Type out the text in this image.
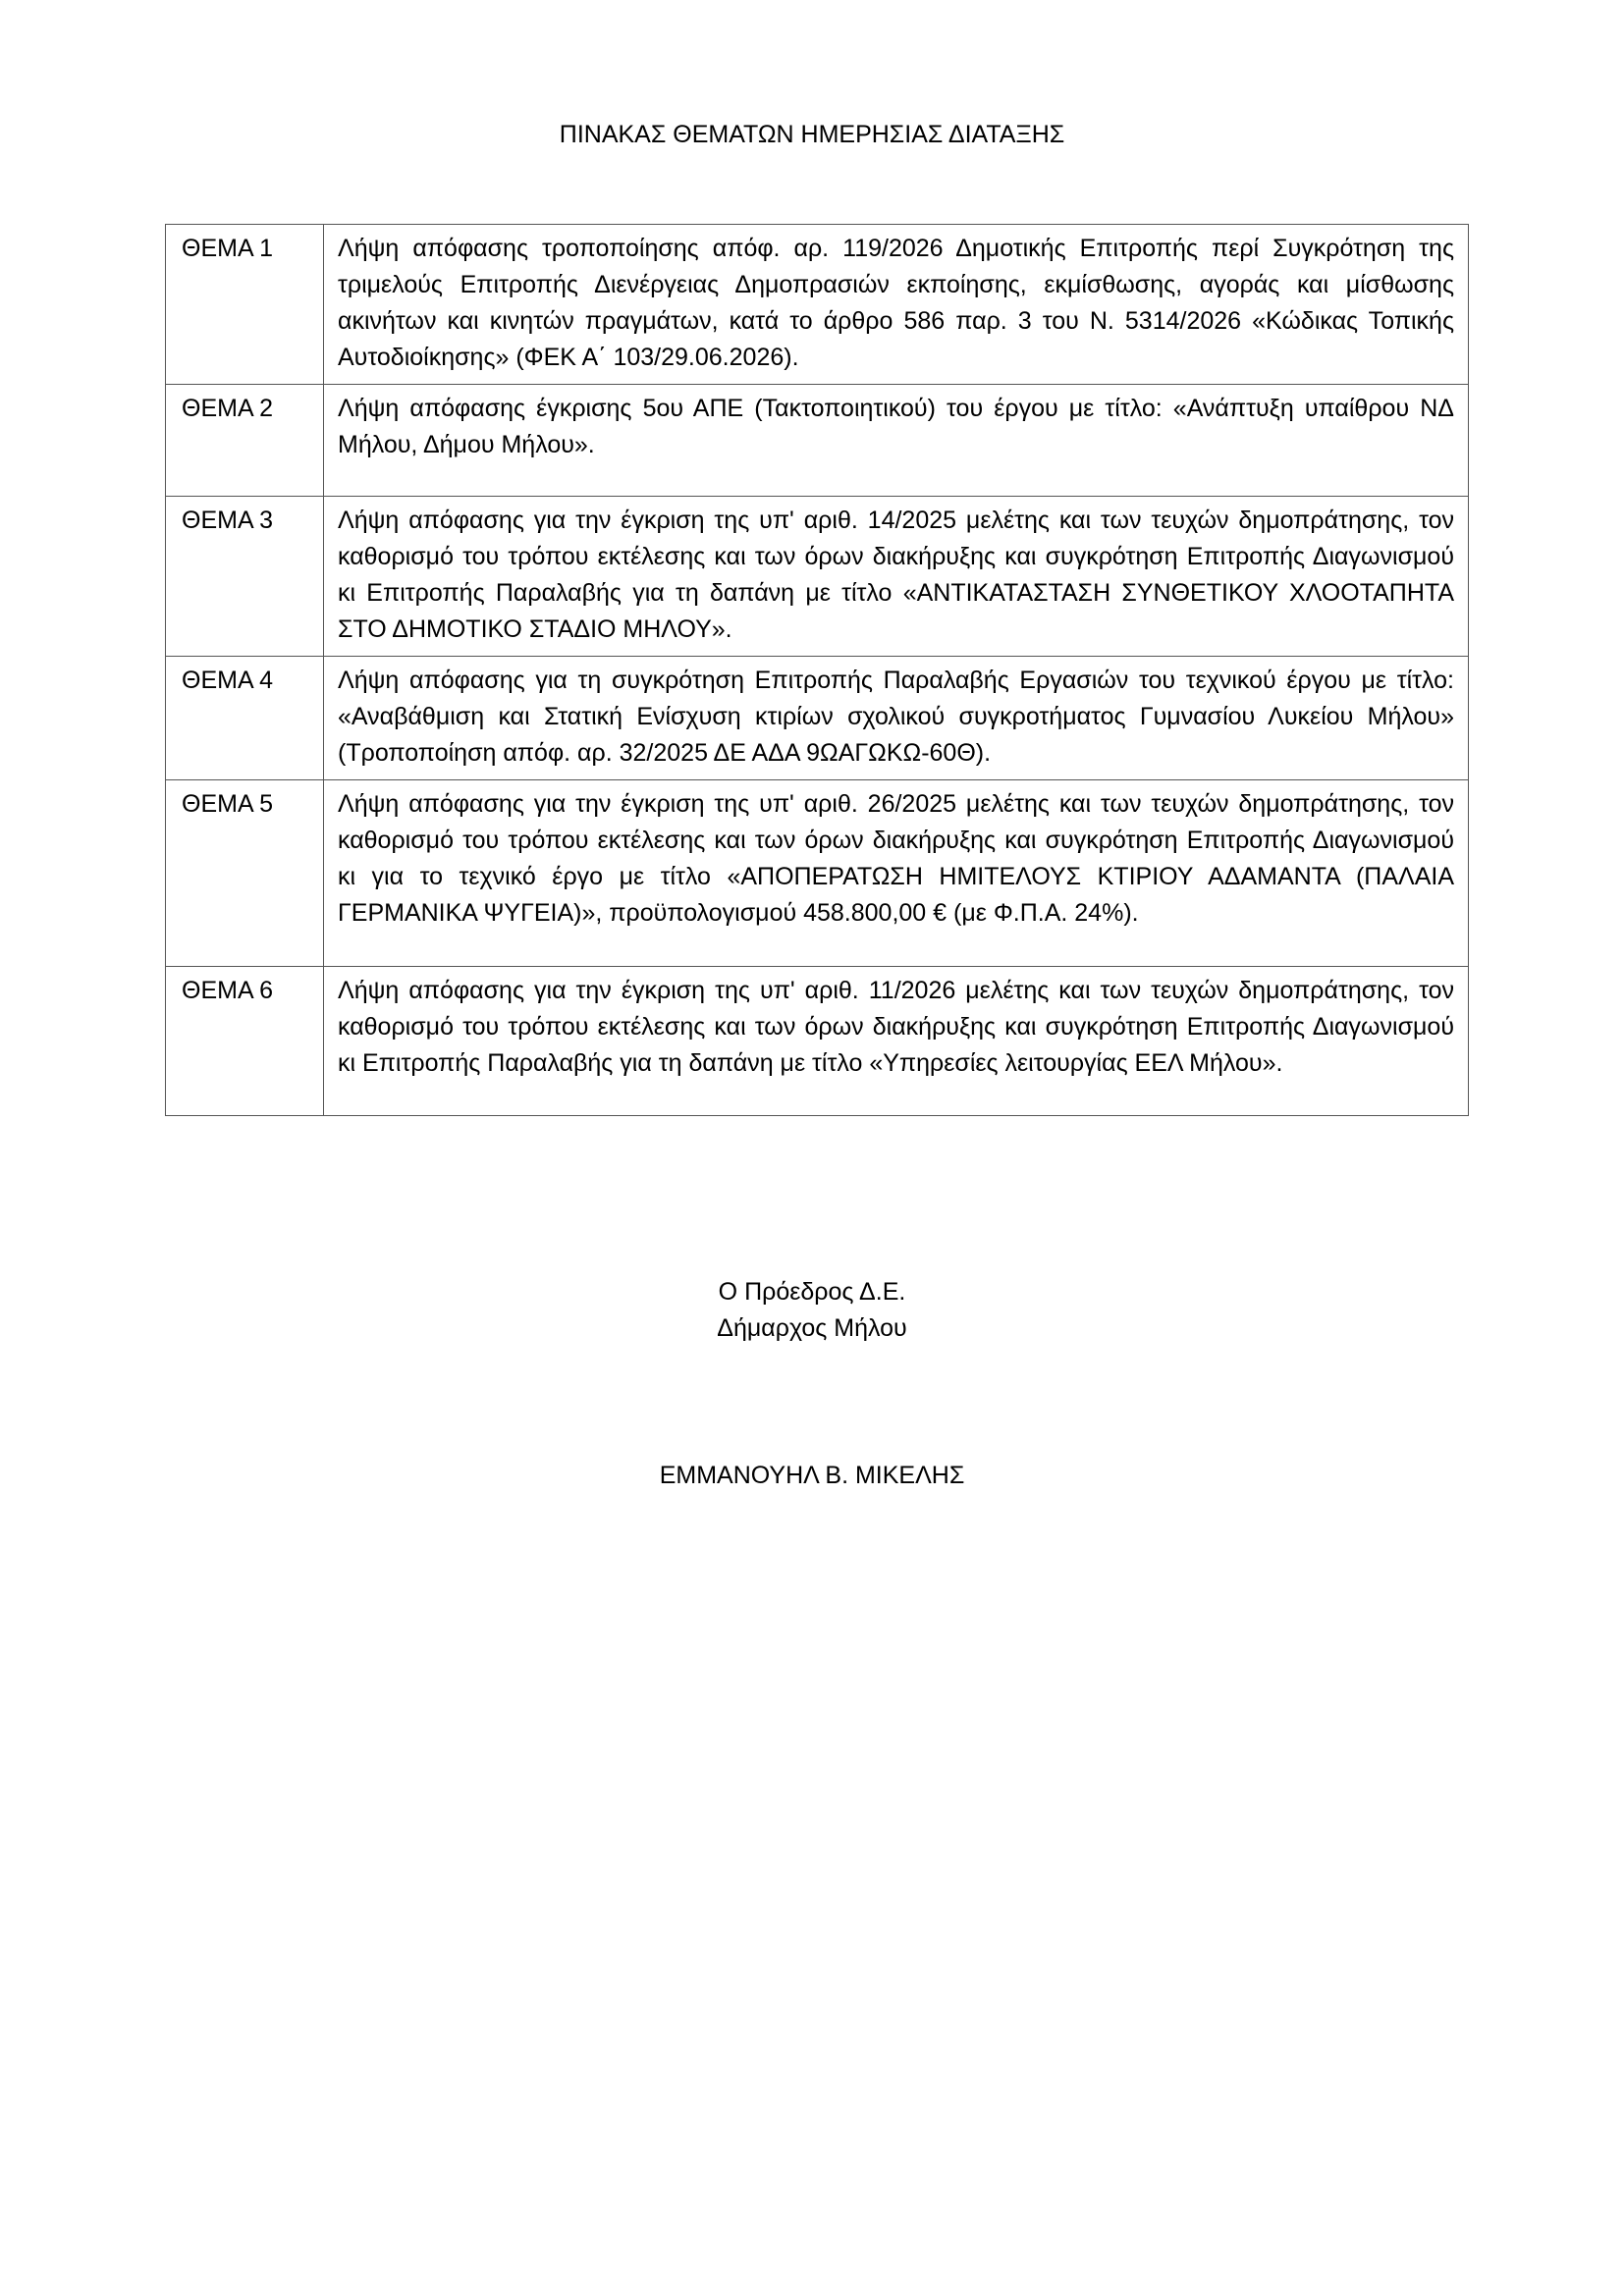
ΠΙΝΑΚΑΣ ΘΕΜΑΤΩΝ ΗΜΕΡΗΣΙΑΣ ΔΙΑΤΑΞΗΣ
ΘΕΜΑ 1	Λήψη απόφασης τροποποίησης απόφ. αρ. 119/2026 Δημοτικής Επιτροπής περί Συγκρότηση της τριμελούς Επιτροπής Διενέργειας Δημοπρασιών εκποίησης, εκμίσθωσης, αγοράς και μίσθωσης ακινήτων και κινητών πραγμάτων, κατά το άρθρο 586 παρ. 3 του Ν. 5314/2026 «Κώδικας Τοπικής Αυτοδιοίκησης» (ΦΕΚ Α΄ 103/29.06.2026).
ΘΕΜΑ 2	Λήψη απόφασης έγκρισης 5ου ΑΠΕ (Τακτοποιητικού) του έργου με τίτλο: «Ανάπτυξη υπαίθρου ΝΔ Μήλου, Δήμου Μήλου».
ΘΕΜΑ 3	Λήψη απόφασης για την έγκριση της υπ' αριθ. 14/2025 μελέτης και των τευχών δημοπράτησης, τον καθορισμό του τρόπου εκτέλεσης και των όρων διακήρυξης και συγκρότηση Επιτροπής Διαγωνισμού κι Επιτροπής Παραλαβής για τη δαπάνη με τίτλο «ΑΝΤΙΚΑΤΑΣΤΑΣΗ ΣΥΝΘΕΤΙΚΟΥ ΧΛΟΟΤΑΠΗΤΑ ΣΤΟ ΔΗΜΟΤΙΚΟ ΣΤΑΔΙΟ ΜΗΛΟΥ».
ΘΕΜΑ 4	Λήψη απόφασης για τη συγκρότηση Επιτροπής Παραλαβής Εργασιών του τεχνικού έργου με τίτλο: «Αναβάθμιση και Στατική Ενίσχυση κτιρίων σχολικού συγκροτήματος Γυμνασίου Λυκείου Μήλου» (Τροποποίηση απόφ. αρ. 32/2025 ΔΕ ΑΔΑ 9ΩΑΓΩΚΩ-60Θ).
ΘΕΜΑ 5	Λήψη απόφασης για την έγκριση της υπ' αριθ. 26/2025 μελέτης και των τευχών δημοπράτησης, τον καθορισμό του τρόπου εκτέλεσης και των όρων διακήρυξης και συγκρότηση Επιτροπής Διαγωνισμού κι για το τεχνικό έργο με τίτλο «ΑΠΟΠΕΡΑΤΩΣΗ ΗΜΙΤΕΛΟΥΣ ΚΤΙΡΙΟΥ ΑΔΑΜΑΝΤΑ (ΠΑΛΑΙΑ ΓΕΡΜΑΝΙΚΑ ΨΥΓΕΙΑ)», προϋπολογισμού 458.800,00 € (με Φ.Π.Α. 24%).
ΘΕΜΑ 6	Λήψη απόφασης για την έγκριση της υπ' αριθ. 11/2026 μελέτης και των τευχών δημοπράτησης, τον καθορισμό του τρόπου εκτέλεσης και των όρων διακήρυξης και συγκρότηση Επιτροπής Διαγωνισμού κι Επιτροπής Παραλαβής για τη δαπάνη με τίτλο «Υπηρεσίες λειτουργίας ΕΕΛ Μήλου».
Ο Πρόεδρος Δ.Ε.
Δήμαρχος Μήλου
ΕΜΜΑΝΟΥΗΛ Β. ΜΙΚΕΛΗΣ
